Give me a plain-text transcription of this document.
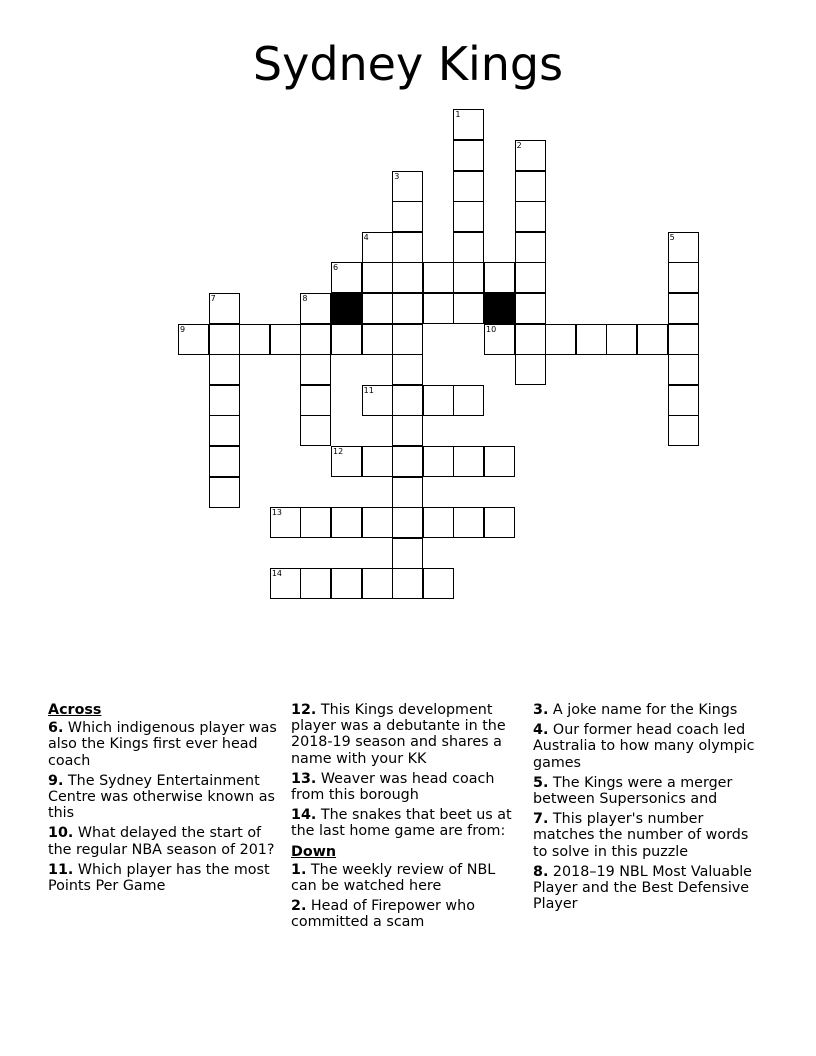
Sydney Kings
1
2
3
4	5
6
7	8
9	10
11
12
13
14
Across
6. Which indigenous player was also the Kings first ever head coach
9. The Sydney Entertainment Centre was otherwise known as this
10. What delayed the start of the regular NBA season of 201?
11. Which player has the most Points Per Game
12. This Kings development player was a debutante in the 2018-19 season and shares a name with your KK
13. Weaver was head coach from this borough
14. The snakes that beet us at the last home game are from:
Down
1. The weekly review of NBL can be watched here
2. Head of Firepower who committed a scam
3. A joke name for the Kings
4. Our former head coach led Australia to how many olympic games
5. The Kings were a merger between Supersonics and
7. This player's number matches the number of words to solve in this puzzle
8. 2018–19 NBL Most Valuable Player and the Best Defensive Player
